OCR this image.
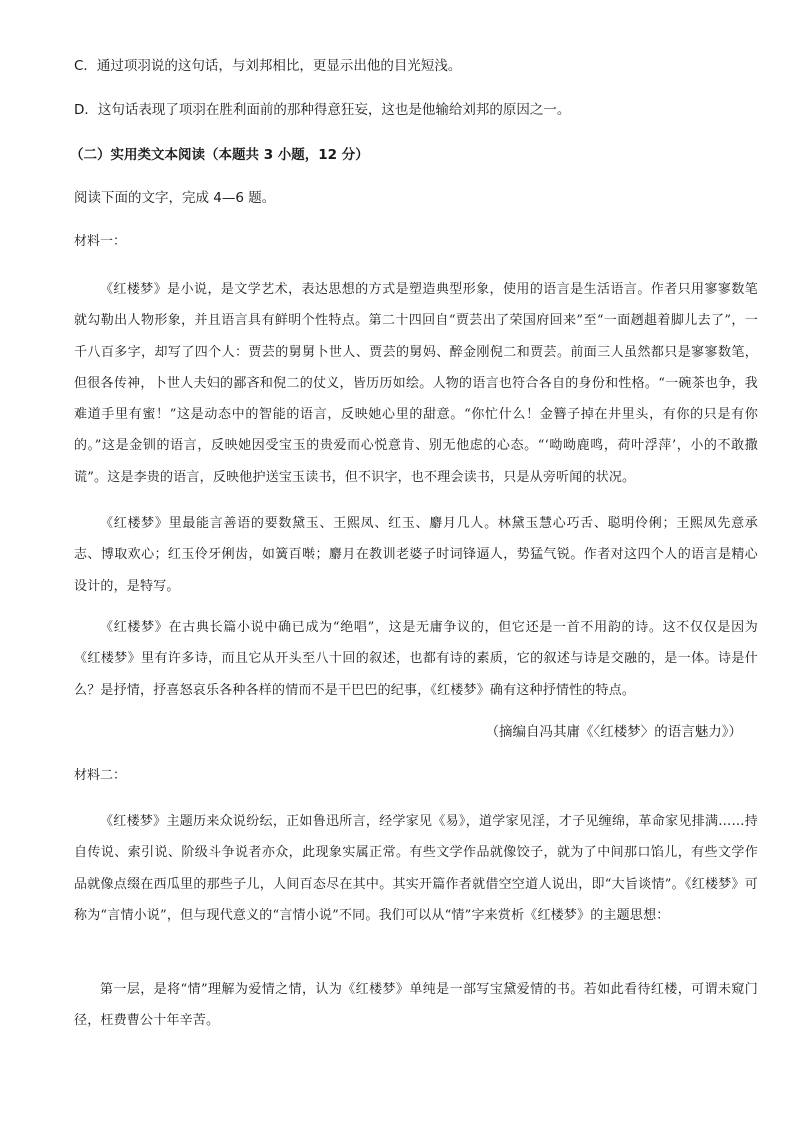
C．通过项羽说的这句话，与刘邦相比，更显示出他的目光短浅。

D．这句话表现了项羽在胜利面前的那种得意狂妄，这也是他输给刘邦的原因之一。

（二）实用类文本阅读（本题共 3 小题，12 分）

阅读下面的文字，完成 4—6 题。

材料一：

《红楼梦》是小说，是文学艺术，表达思想的方式是塑造典型形象，使用的语言是生活语言。作者只用寥寥数笔就勾勒出人物形象，并且语言具有鲜明个性特点。第二十四回自“贾芸出了荣国府回来”至“一面趔趄着脚儿去了”，一千八百多字，却写了四个人：贾芸的舅舅卜世人、贾芸的舅妈、醉金刚倪二和贾芸。前面三人虽然都只是寥寥数笔，但很各传神，卜世人夫妇的鄙吝和倪二的仗义，皆历历如绘。人物的语言也符合各自的身份和性格。“一碗茶也争，我难道手里有蜜！”这是动态中的智能的语言，反映她心里的甜意。“你忙什么！金簪子掉在井里头，有你的只是有你的。”这是金钏的语言，反映她因受宝玉的贵爱而心悦意肯、别无他虑的心态。“‘呦呦鹿鸣，荷叶浮萍’，小的不敢撒谎”。这是李贵的语言，反映他护送宝玉读书，但不识字，也不理会读书，只是从旁听闻的状况。

《红楼梦》里最能言善语的要数黛玉、王熙凤、红玉、麝月几人。林黛玉慧心巧舌、聪明伶俐；王熙凤先意承志、博取欢心；红玉伶牙俐齿，如簧百啭；麝月在教训老婆子时词锋逼人，势猛气锐。作者对这四个人的语言是精心设计的，是特写。

《红楼梦》在古典长篇小说中确已成为“绝唱”，这是无庸争议的，但它还是一首不用韵的诗。这不仅仅是因为《红楼梦》里有许多诗，而且它从开头至八十回的叙述，也都有诗的素质，它的叙述与诗是交融的，是一体。诗是什么？是抒情，抒喜怒哀乐各种各样的情而不是干巴巴的纪事，《红楼梦》确有这种抒情性的特点。

（摘编自冯其庸《〈红楼梦〉的语言魅力》）

材料二：

《红楼梦》主题历来众说纷纭，正如鲁迅所言，经学家见《易》，道学家见淫，才子见缠绵，革命家见排满……持自传说、索引说、阶级斗争说者亦众，此现象实属正常。有些文学作品就像饺子，就为了中间那口馅儿，有些文学作品就像点缀在西瓜里的那些子儿，人间百态尽在其中。其实开篇作者就借空空道人说出，即“大旨谈情”。《红楼梦》可称为“言情小说”，但与现代意义的“言情小说”不同。我们可以从“情”字来赏析《红楼梦》的主题思想：

第一层，是将“情”理解为爱情之情，认为《红楼梦》单纯是一部写宝黛爱情的书。若如此看待红楼，可谓未窥门径，枉费曹公十年辛苦。
